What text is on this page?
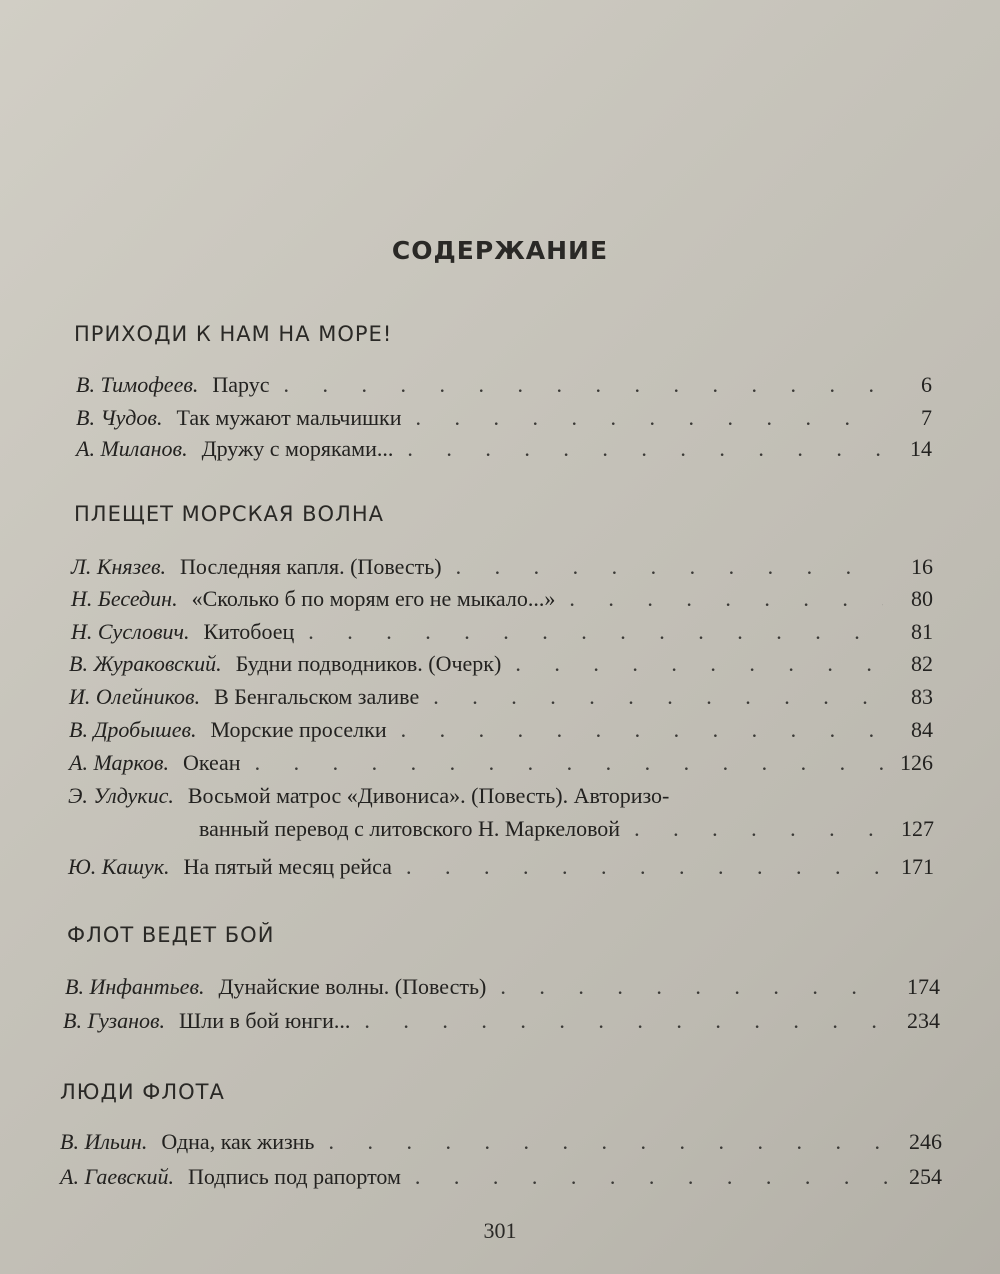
СОДЕРЖАНИЕ
ПРИХОДИ К НАМ НА МОРЕ!
В. Тимофеев. Парус . . .	6
В. Чудов. Так мужают мальчишки . . .	7
А. Миланов. Дружу с моряками... . . .	14
ПЛЕЩЕТ МОРСКАЯ ВОЛНА
Л. Князев. Последняя капля. (Повесть) . . .	16
Н. Беседин. «Сколько б по морям его не мыкало...» . . .	80
Н. Суслович. Китобоец . . .	81
В. Жураковский. Будни подводников. (Очерк) . . .	82
И. Олейников. В Бенгальском заливе . . .	83
В. Дробышев. Морские проселки . . .	84
А. Марков. Океан . . .	126
Э. Улдукис. Восьмой матрос «Дивониса». (Повесть). Авторизо-
ванный перевод с литовского Н. Маркеловой . . .	127
Ю. Кашук. На пятый месяц рейса . . .	171
ФЛОТ ВЕДЕТ БОЙ
В. Инфантьев. Дунайские волны. (Повесть) . . .	174
В. Гузанов. Шли в бой юнги... . . .	234
ЛЮДИ ФЛОТА
В. Ильин. Одна, как жизнь . . .	246
А. Гаевский. Подпись под рапортом . . .	254
301
